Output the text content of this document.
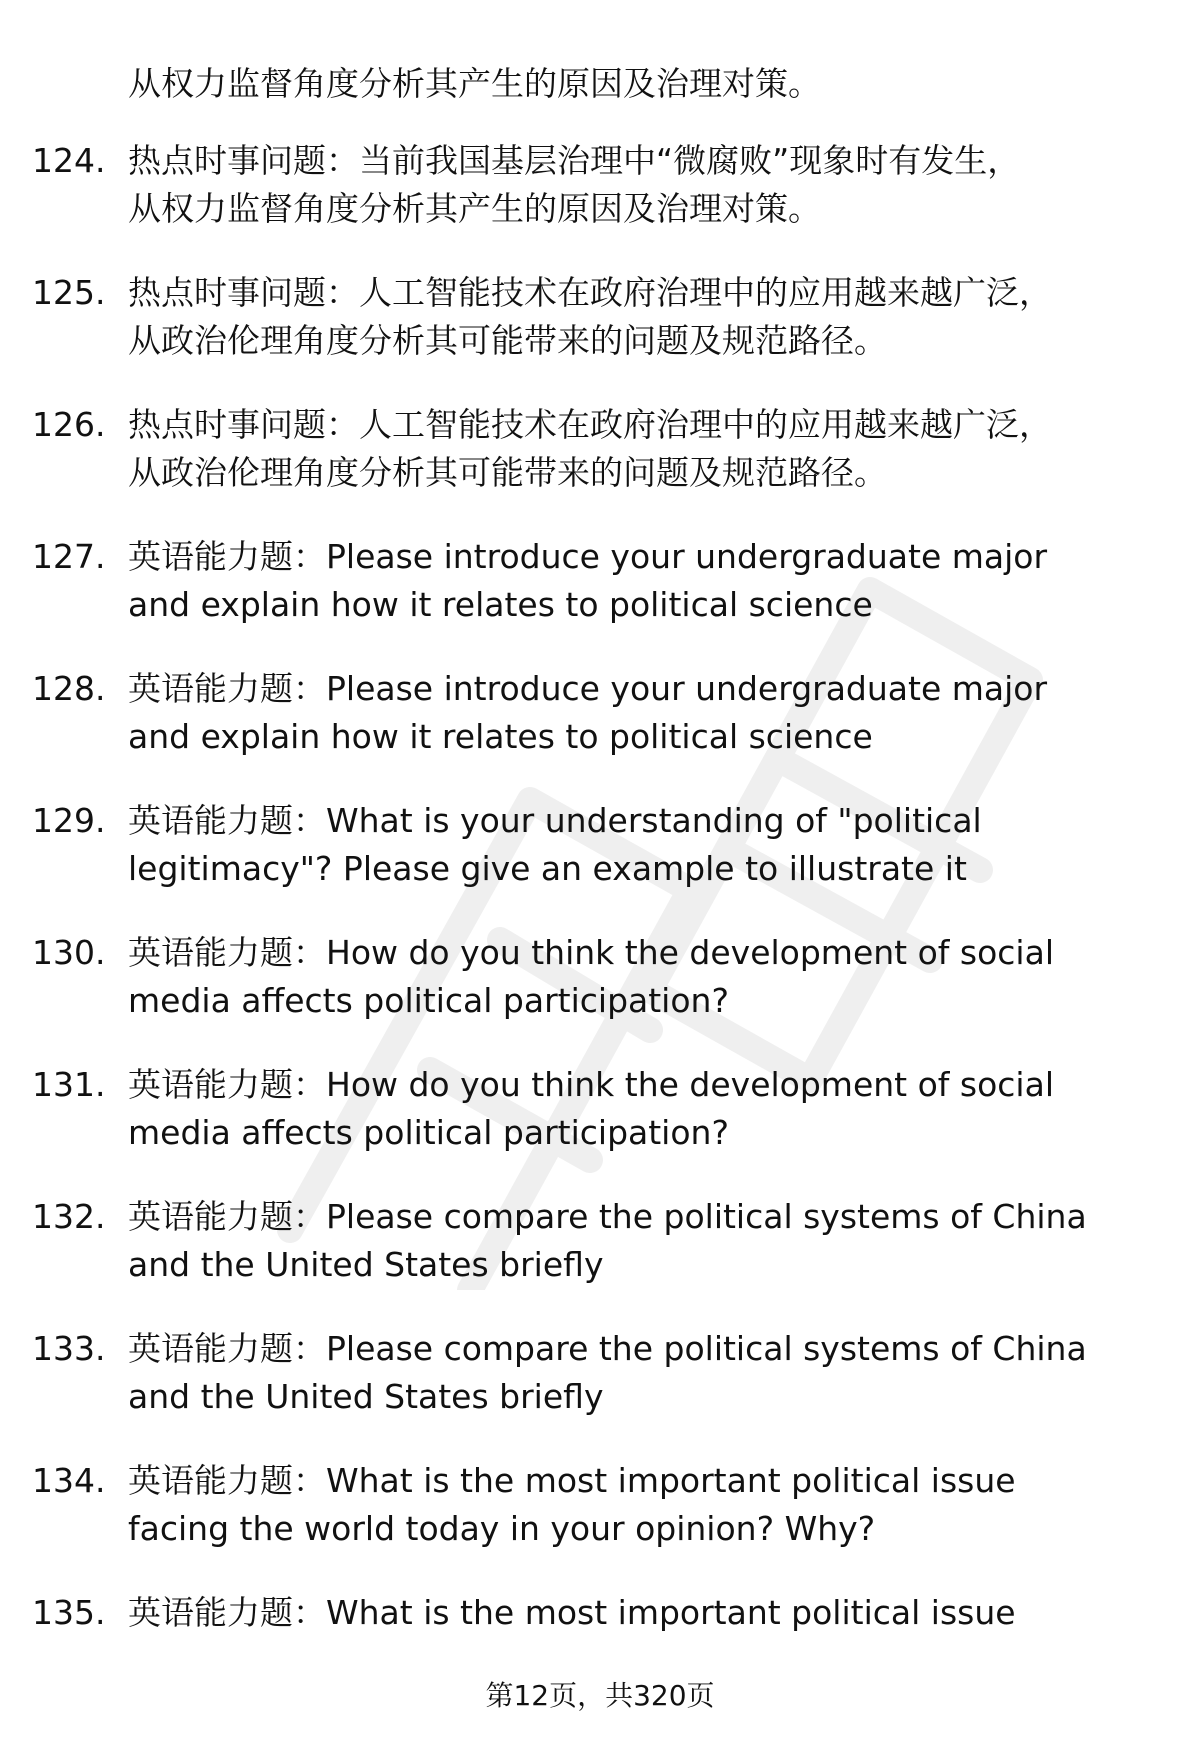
从权力监督角度分析其产生的原因及治理对策。
124. 热点时事问题：当前我国基层治理中“微腐败”现象时有发生，
从权力监督角度分析其产生的原因及治理对策。
125. 热点时事问题：人工智能技术在政府治理中的应用越来越广泛，
从政治伦理角度分析其可能带来的问题及规范路径。
126. 热点时事问题：人工智能技术在政府治理中的应用越来越广泛，
从政治伦理角度分析其可能带来的问题及规范路径。
127. 英语能力题：Please introduce your undergraduate major
and explain how it relates to political science
128. 英语能力题：Please introduce your undergraduate major
and explain how it relates to political science
129. 英语能力题：What is your understanding of "political
legitimacy"? Please give an example to illustrate it
130. 英语能力题：How do you think the development of social
media affects political participation?
131. 英语能力题：How do you think the development of social
media affects political participation?
132. 英语能力题：Please compare the political systems of China
and the United States briefly
133. 英语能力题：Please compare the political systems of China
and the United States briefly
134. 英语能力题：What is the most important political issue
facing the world today in your opinion? Why?
135. 英语能力题：What is the most important political issue
第12页，共320页
